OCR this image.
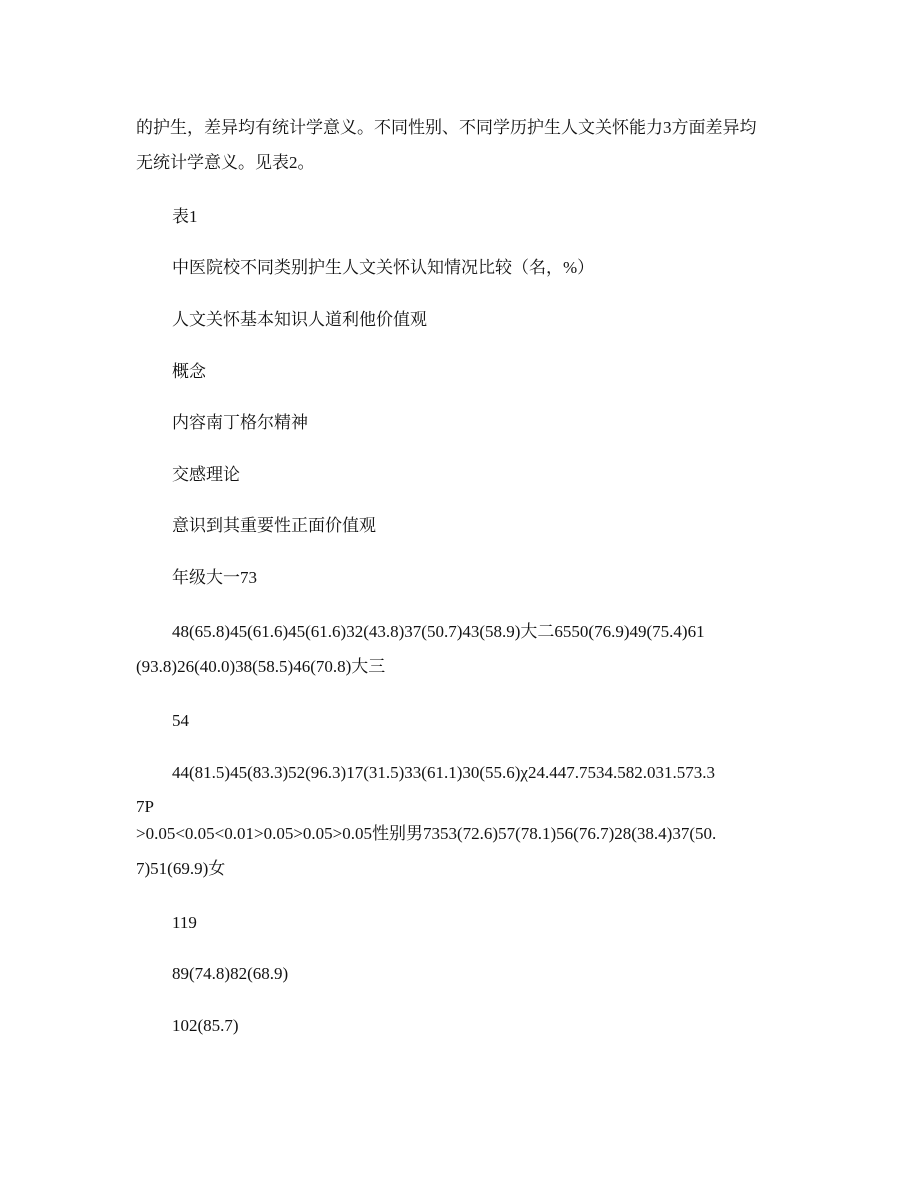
的护生，差异均有统计学意义。不同性别、不同学历护生人文关怀能力3方面差异均
无统计学意义。见表2。
表1
中医院校不同类别护生人文关怀认知情况比较（名，%）
人文关怀基本知识人道利他价值观
概念
内容南丁格尔精神
交感理论
意识到其重要性正面价值观
年级大一73
48(65.8)45(61.6)45(61.6)32(43.8)37(50.7)43(58.9)大二6550(76.9)49(75.4)61
(93.8)26(40.0)38(58.5)46(70.8)大三
54
44(81.5)45(83.3)52(96.3)17(31.5)33(61.1)30(55.6)χ24.447.7534.582.031.573.3
7P
>0.05<0.05<0.01>0.05>0.05>0.05性别男7353(72.6)57(78.1)56(76.7)28(38.4)37(50.
7)51(69.9)女
119
89(74.8)82(68.9)
102(85.7)
